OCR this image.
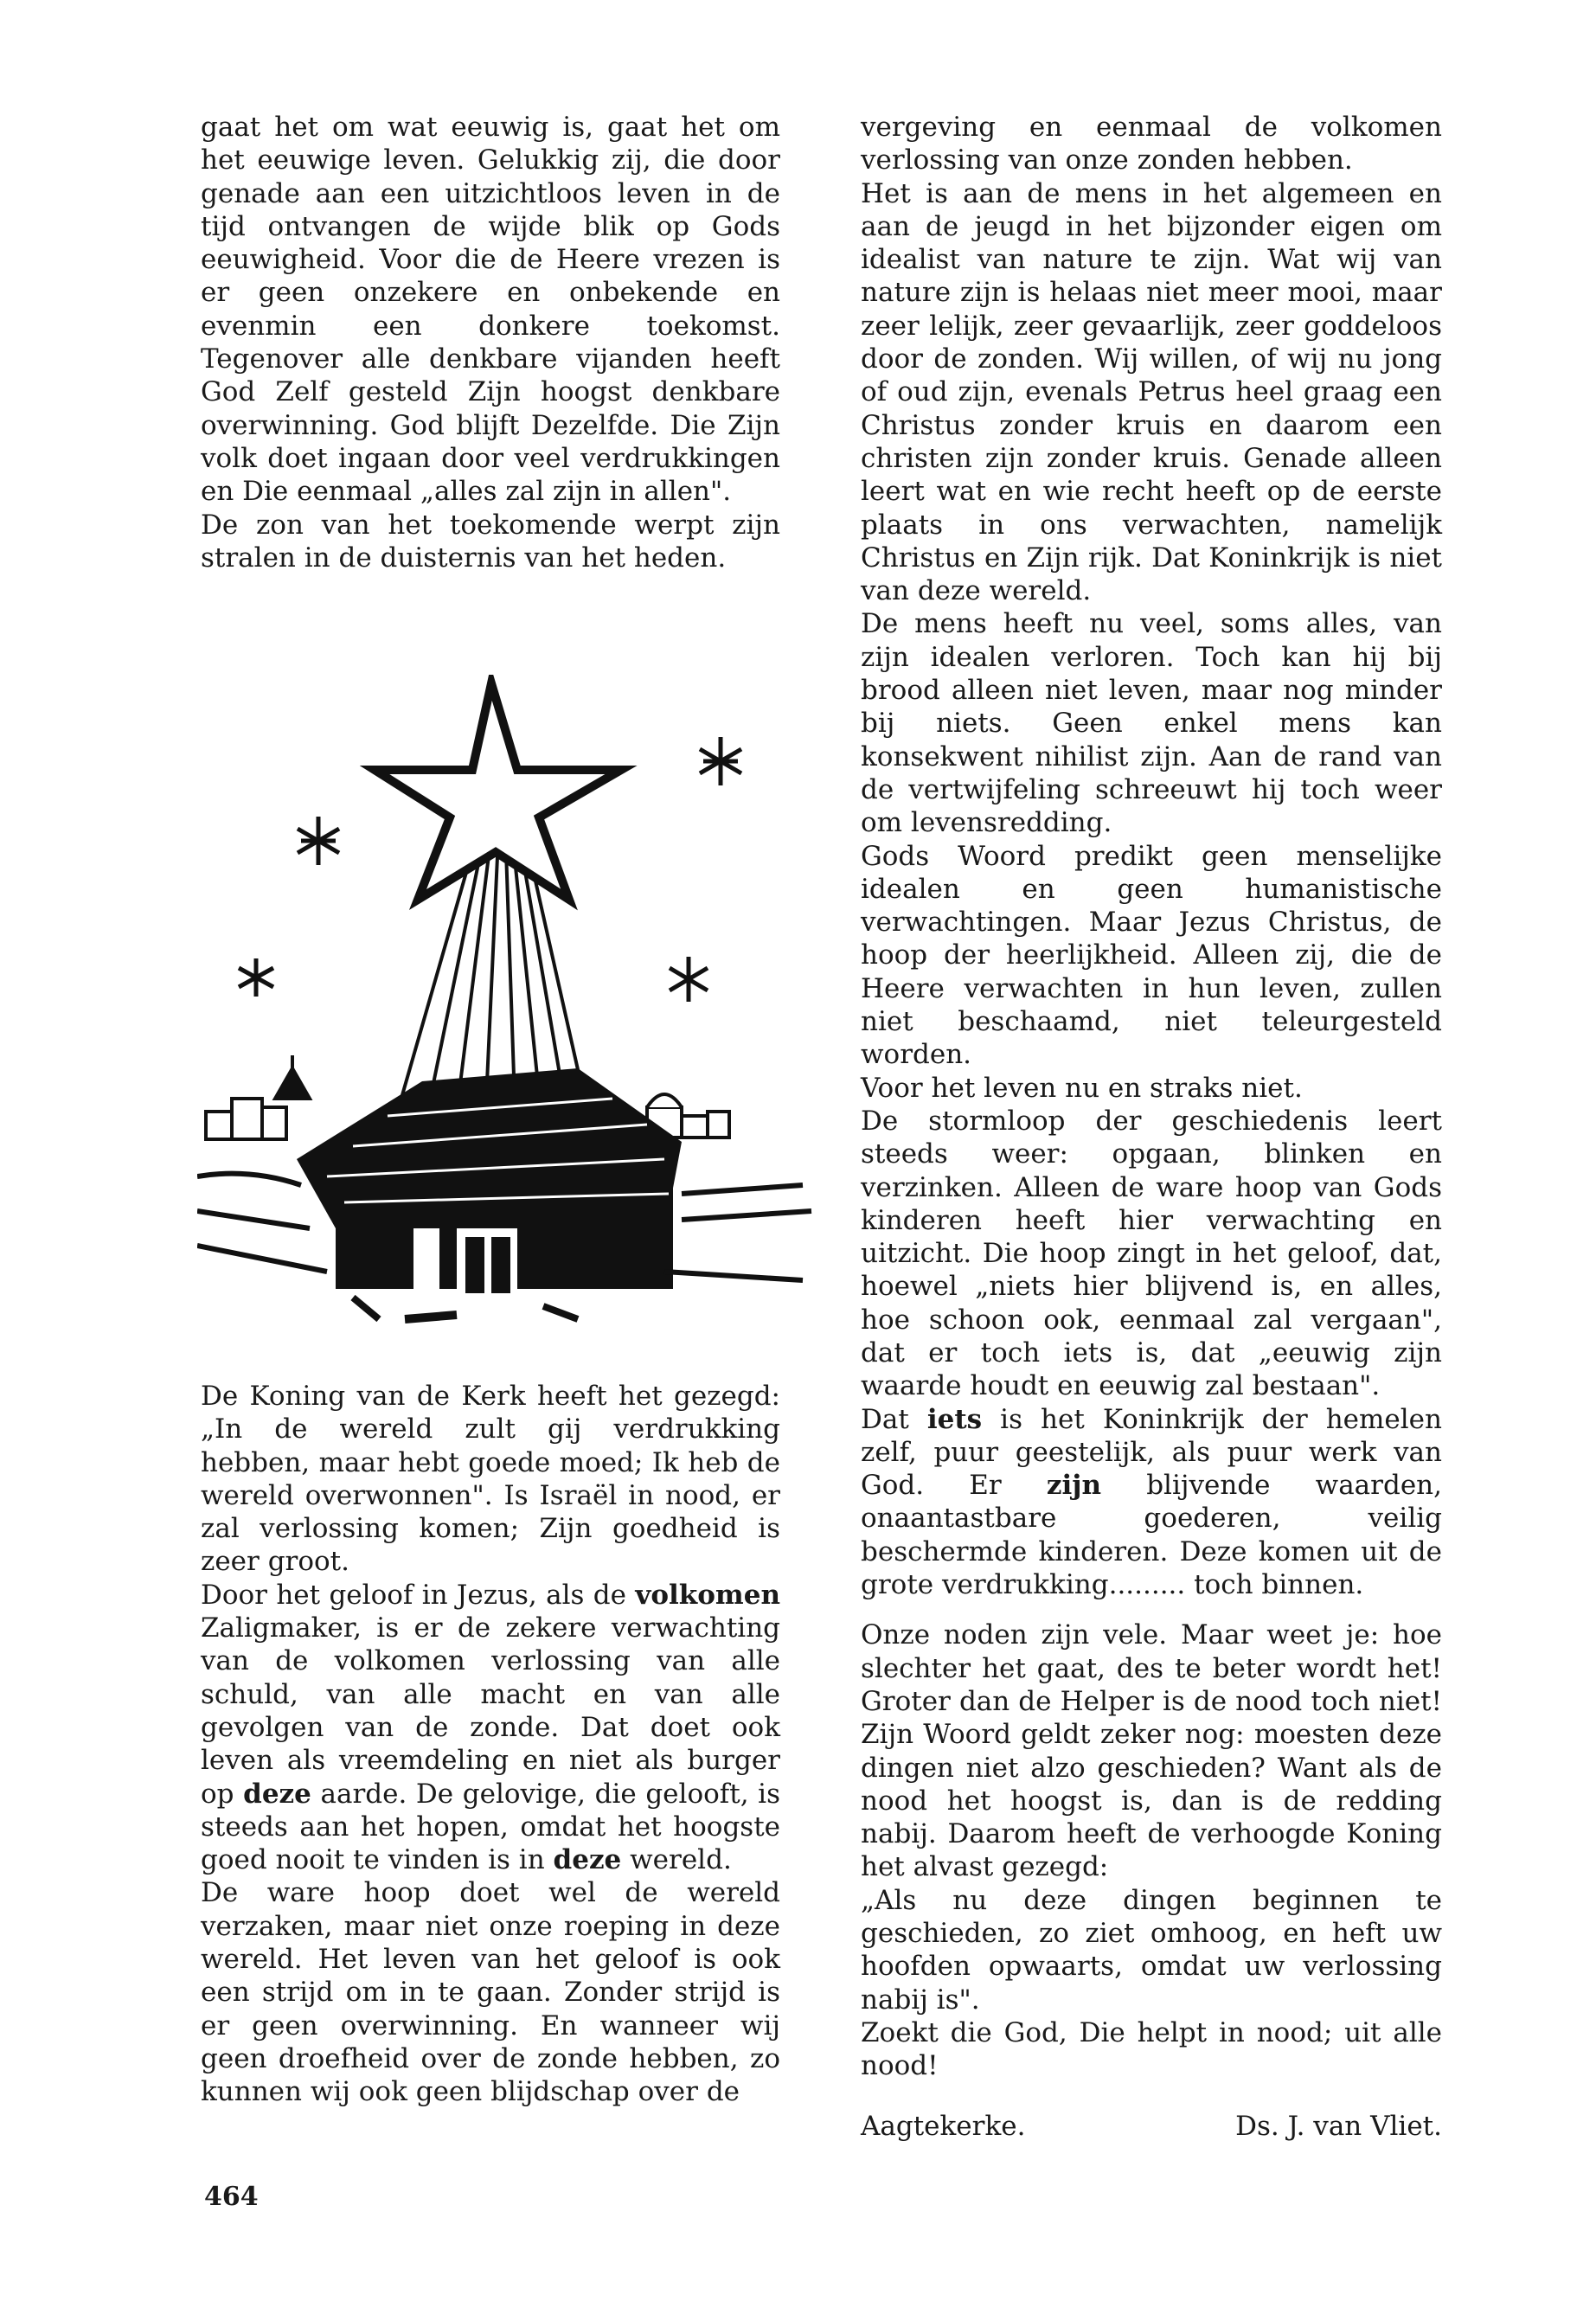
gaat het om wat eeuwig is, gaat het om het eeuwige leven. Gelukkig zij, die door genade aan een uitzichtloos leven in de tijd ontvangen de wijde blik op Gods eeuwigheid. Voor die de Heere vrezen is er geen onzekere en onbekende en evenmin een donkere toekomst. Tegenover alle denkbare vijanden heeft God Zelf gesteld Zijn hoogst denkbare overwinning. God blijft Dezelfde. Die Zijn volk doet ingaan door veel verdrukkingen en Die eenmaal „alles zal zijn in allen".

De zon van het toekomende werpt zijn stralen in de duisternis van het heden.

De Koning van de Kerk heeft het gezegd: „In de wereld zult gij verdrukking hebben, maar hebt goede moed; Ik heb de wereld overwonnen". Is Israël in nood, er zal verlossing komen; Zijn goedheid is zeer groot.

Door het geloof in Jezus, als de volkomen Zaligmaker, is er de zekere verwachting van de volkomen verlossing van alle schuld, van alle macht en van alle gevolgen van de zonde. Dat doet ook leven als vreemdeling en niet als burger op deze aarde. De gelovige, die gelooft, is steeds aan het hopen, omdat het hoogste goed nooit te vinden is in deze wereld.

De ware hoop doet wel de wereld verzaken, maar niet onze roeping in deze wereld. Het leven van het geloof is ook een strijd om in te gaan. Zonder strijd is er geen overwinning. En wanneer wij geen droefheid over de zonde hebben, zo kunnen wij ook geen blijdschap over de

vergeving en eenmaal de volkomen verlossing van onze zonden hebben.

Het is aan de mens in het algemeen en aan de jeugd in het bijzonder eigen om idealist van nature te zijn. Wat wij van nature zijn is helaas niet meer mooi, maar zeer lelijk, zeer gevaarlijk, zeer goddeloos door de zonden. Wij willen, of wij nu jong of oud zijn, evenals Petrus heel graag een Christus zonder kruis en daarom een christen zijn zonder kruis. Genade alleen leert wat en wie recht heeft op de eerste plaats in ons verwachten, namelijk Christus en Zijn rijk. Dat Koninkrijk is niet van deze wereld.

De mens heeft nu veel, soms alles, van zijn idealen verloren. Toch kan hij bij brood alleen niet leven, maar nog minder bij niets. Geen enkel mens kan konsekwent nihilist zijn. Aan de rand van de vertwijfeling schreeuwt hij toch weer om levensredding.

Gods Woord predikt geen menselijke idealen en geen humanistische verwachtingen. Maar Jezus Christus, de hoop der heerlijkheid. Alleen zij, die de Heere verwachten in hun leven, zullen niet beschaamd, niet teleurgesteld worden.

Voor het leven nu en straks niet.

De stormloop der geschiedenis leert steeds weer: opgaan, blinken en verzinken. Alleen de ware hoop van Gods kinderen heeft hier verwachting en uitzicht. Die hoop zingt in het geloof, dat, hoewel „niets hier blijvend is, en alles, hoe schoon ook, eenmaal zal vergaan", dat er toch iets is, dat „eeuwig zijn waarde houdt en eeuwig zal bestaan".

Dat iets is het Koninkrijk der hemelen zelf, puur geestelijk, als puur werk van God. Er zijn blijvende waarden, onaantastbare goederen, veilig beschermde kinderen. Deze komen uit de grote verdrukking......... toch binnen.

Onze noden zijn vele. Maar weet je: hoe slechter het gaat, des te beter wordt het! Groter dan de Helper is de nood toch niet! Zijn Woord geldt zeker nog: moesten deze dingen niet alzo geschieden? Want als de nood het hoogst is, dan is de redding nabij. Daarom heeft de verhoogde Koning het alvast gezegd:

„Als nu deze dingen beginnen te geschieden, zo ziet omhoog, en heft uw hoofden opwaarts, omdat uw verlossing nabij is".

Zoekt die God, Die helpt in nood; uit alle nood!

Aagtekerke.	Ds. J. van Vliet.
464
